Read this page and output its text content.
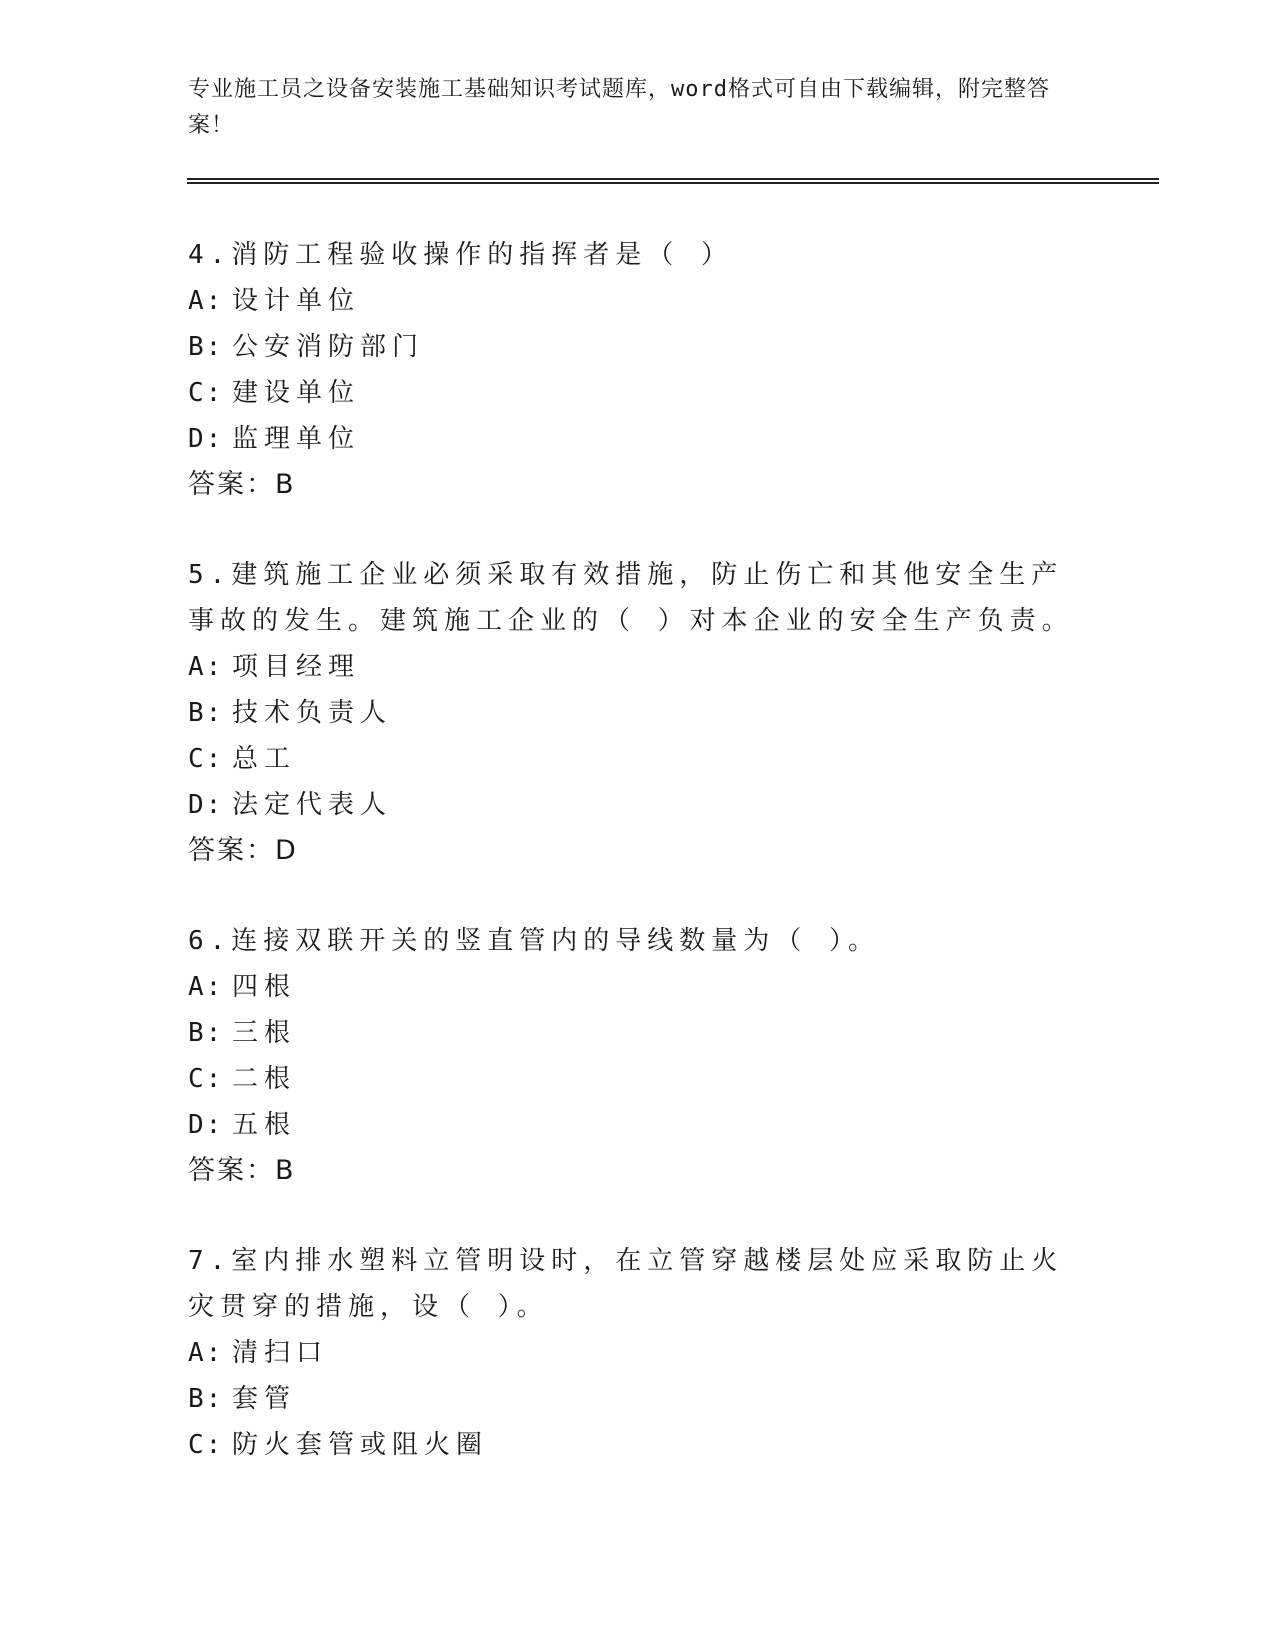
专业施工员之设备安装施工基础知识考试题库，word格式可自由下载编辑，附完整答案！

4.消防工程验收操作的指挥者是（ ）

A: 设计单位

B: 公安消防部门

C: 建设单位

D: 监理单位

答案：B

5.建筑施工企业必须采取有效措施，防止伤亡和其他安全生产事故的发生。建筑施工企业的（ ）对本企业的安全生产负责。

A: 项目经理

B: 技术负责人

C: 总工

D: 法定代表人

答案：D

6.连接双联开关的竖直管内的导线数量为（ ）。

A: 四根

B: 三根

C: 二根

D: 五根

答案：B

7.室内排水塑料立管明设时，在立管穿越楼层处应采取防止火灾贯穿的措施，设（ ）。

A: 清扫口

B: 套管

C: 防火套管或阻火圈
